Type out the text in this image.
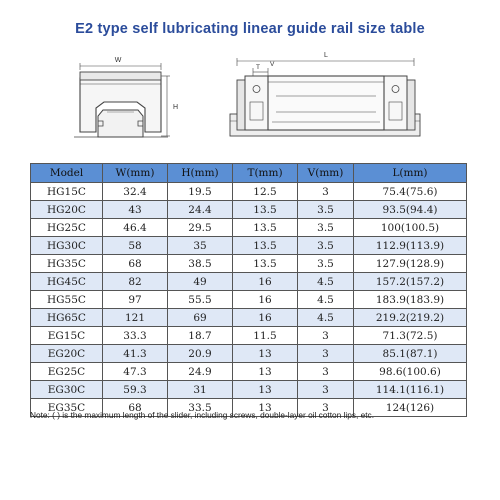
E2 type self lubricating linear guide rail size table
W
H
L
T V
Model	W(mm)	H(mm)	T(mm)	V(mm)	L(mm)
HG15C	32.4	19.5	12.5	3	75.4(75.6)
HG20C	43	24.4	13.5	3.5	93.5(94.4)
HG25C	46.4	29.5	13.5	3.5	100(100.5)
HG30C	58	35	13.5	3.5	112.9(113.9)
HG35C	68	38.5	13.5	3.5	127.9(128.9)
HG45C	82	49	16	4.5	157.2(157.2)
HG55C	97	55.5	16	4.5	183.9(183.9)
HG65C	121	69	16	4.5	219.2(219.2)
EG15C	33.3	18.7	11.5	3	71.3(72.5)
EG20C	41.3	20.9	13	3	85.1(87.1)
EG25C	47.3	24.9	13	3	98.6(100.6)
EG30C	59.3	31	13	3	114.1(116.1)
EG35C	68	33.5	13	3	124(126)
Note: ( ) is the maximum length of the slider, including screws, double-layer oil cotton lips, etc.
